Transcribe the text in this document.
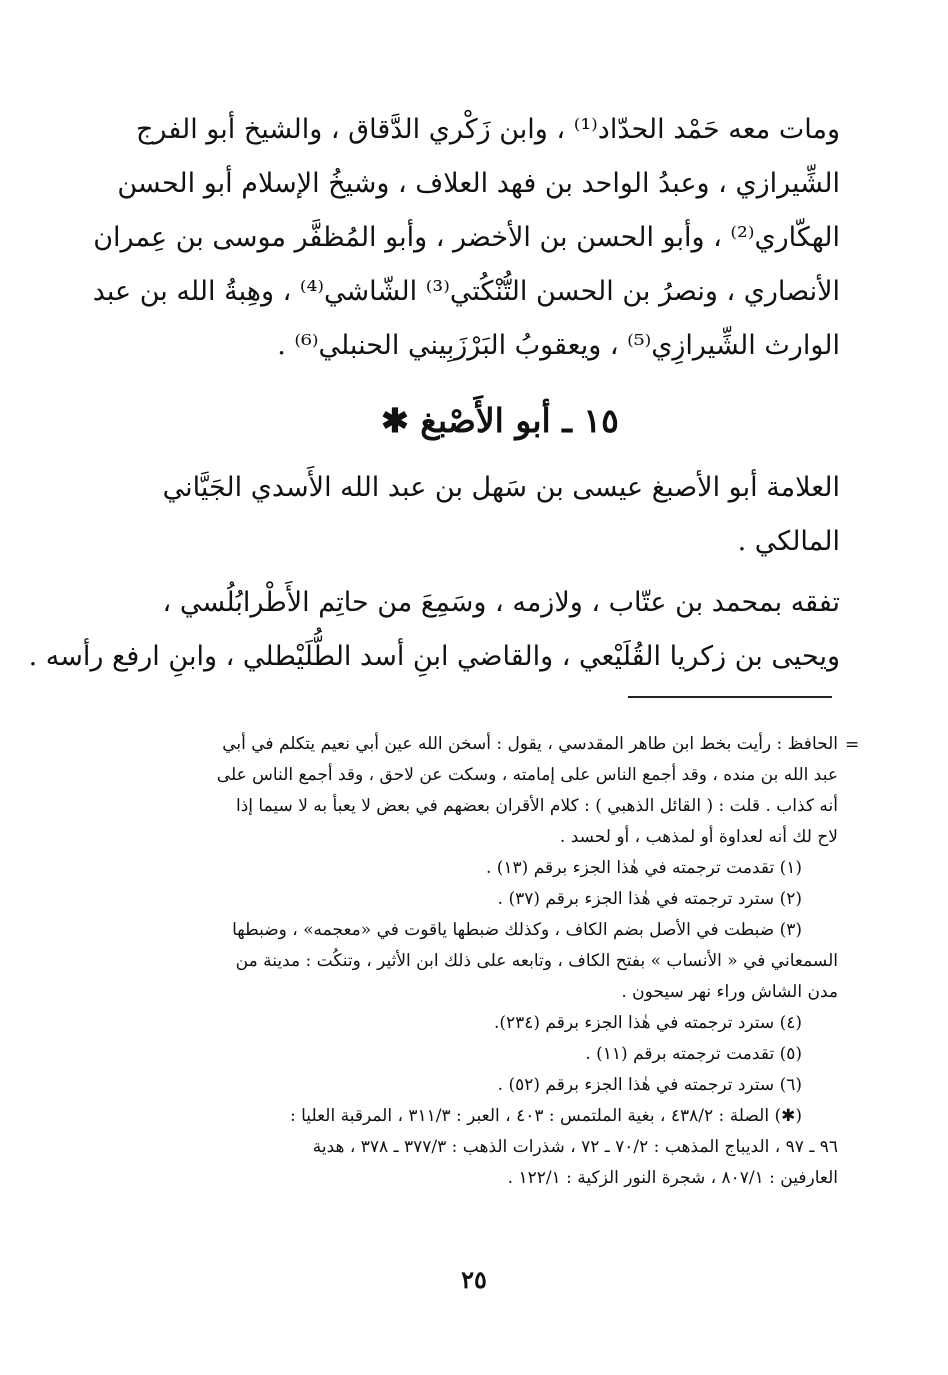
ومات معه حَمْد الحدّاد⁽¹⁾ ، وابن زَكْري الدَّقاق ، والشيخ أبو الفرج
الشِّيرازي ، وعبدُ الواحد بن فهد العلاف ، وشيخُ الإسلام أبو الحسن
الهكّاري⁽²⁾ ، وأبو الحسن بن الأخضر ، وأبو المُظفَّر موسى بن عِمران
الأنصاري ، ونصرُ بن الحسن التُّنْكُتي⁽³⁾ الشّاشي⁽⁴⁾ ، وهِبةُ الله بن عبد
الوارث الشِّيرازِي⁽⁵⁾ ، ويعقوبُ البَرْزَبِيني الحنبلي⁽⁶⁾ .
١٥ ـ أبو الأَصْبغ ✱
العلامة أبو الأصبغ عيسى بن سَهل بن عبد الله الأَسدي الجَيَّاني
المالكي .
تفقه بمحمد بن عتّاب ، ولازمه ، وسَمِعَ من حاتِم الأَطْرابُلُسي ،
ويحيى بن زكريا القُلَيْعي ، والقاضي ابنِ أسد الطُّلَيْطلي ، وابنِ ارفع رأسه .
=
الحافظ : رأيت بخط ابن طاهر المقدسي ، يقول : أسخن الله عين أبي نعيم يتكلم في أبي
عبد الله بن منده ، وقد أجمع الناس على إمامته ، وسكت عن لاحق ، وقد أجمع الناس على
أنه كذاب . قلت : ( القائل الذهبي ) : كلام الأقران بعضهم في بعض لا يعبأ به لا سيما إذا
لاح لك أنه لعداوة أو لمذهب ، أو لحسد .
(١) تقدمت ترجمته في هٰذا الجزء برقم (١٣) .
(٢) سترد ترجمته في هٰذا الجزء برقم (٣٧) .
(٣) ضبطت في الأصل بضم الكاف ، وكذلك ضبطها ياقوت في «معجمه» ، وضبطها
السمعاني في « الأنساب » بفتح الكاف ، وتابعه على ذلك ابن الأثير ، وتنكُت : مدينة من
مدن الشاش وراء نهر سيحون .
(٤) سترد ترجمته في هٰذا الجزء برقم (٢٣٤).
(٥) تقدمت ترجمته برقم (١١) .
(٦) سترد ترجمته في هٰذا الجزء برقم (٥٢) .
(✱) الصلة : ٤٣٨/٢ ، بغية الملتمس : ٤٠٣ ، العبر : ٣١١/٣ ، المرقبة العليا :
٩٦ ـ ٩٧ ، الديباج المذهب : ٧٠/٢ ـ ٧٢ ، شذرات الذهب : ٣٧٧/٣ ـ ٣٧٨ ، هدية
العارفين : ٨٠٧/١ ، شجرة النور الزكية : ١٢٢/١ .
٢٥
